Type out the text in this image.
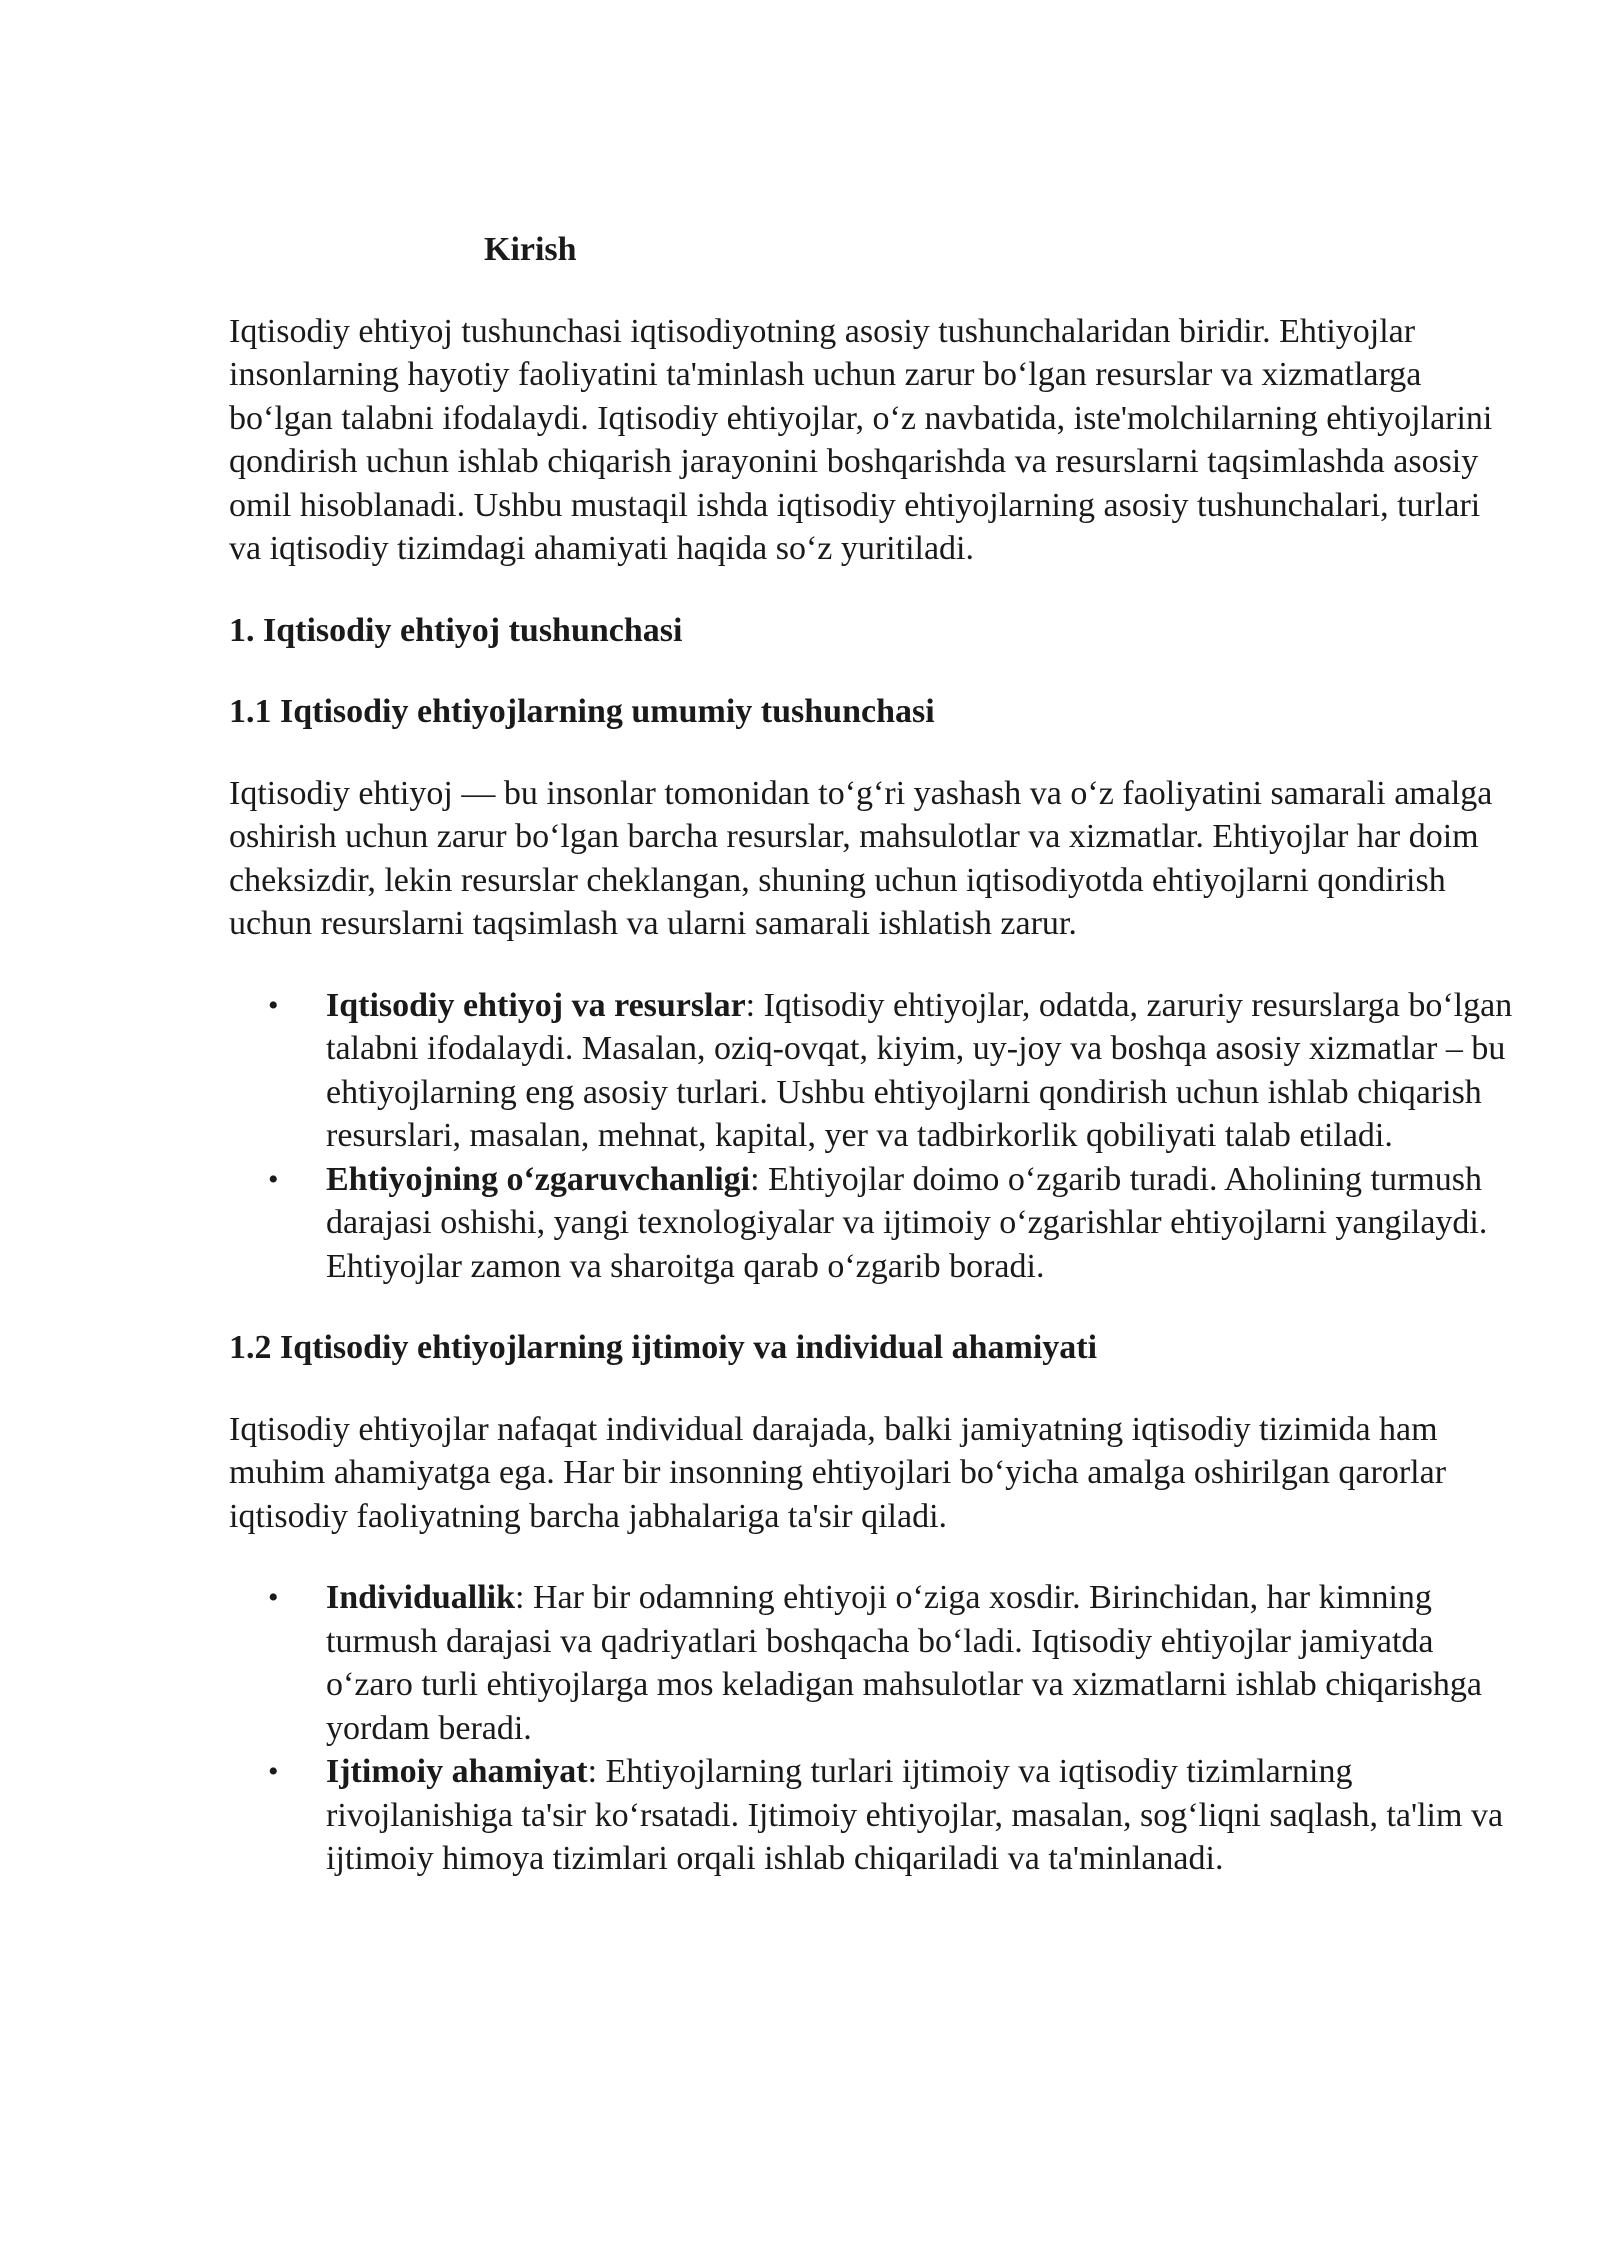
Kirish

Iqtisodiy ehtiyoj tushunchasi iqtisodiyotning asosiy tushunchalaridan biridir. Ehtiyojlar insonlarning hayotiy faoliyatini ta'minlash uchun zarur bo‘lgan resurslar va xizmatlarga bo‘lgan talabni ifodalaydi. Iqtisodiy ehtiyojlar, o‘z navbatida, iste'molchilarning ehtiyojlarini qondirish uchun ishlab chiqarish jarayonini boshqarishda va resurslarni taqsimlashda asosiy omil hisoblanadi. Ushbu mustaqil ishda iqtisodiy ehtiyojlarning asosiy tushunchalari, turlari va iqtisodiy tizimdagi ahamiyati haqida so‘z yuritiladi.

1. Iqtisodiy ehtiyoj tushunchasi
1.1 Iqtisodiy ehtiyojlarning umumiy tushunchasi

Iqtisodiy ehtiyoj — bu insonlar tomonidan to‘g‘ri yashash va o‘z faoliyatini samarali amalga oshirish uchun zarur bo‘lgan barcha resurslar, mahsulotlar va xizmatlar. Ehtiyojlar har doim cheksizdir, lekin resurslar cheklangan, shuning uchun iqtisodiyotda ehtiyojlarni qondirish uchun resurslarni taqsimlash va ularni samarali ishlatish zarur.

• Iqtisodiy ehtiyoj va resurslar: Iqtisodiy ehtiyojlar, odatda, zaruriy resurslarga bo‘lgan talabni ifodalaydi. Masalan, oziq-ovqat, kiyim, uy-joy va boshqa asosiy xizmatlar – bu ehtiyojlarning eng asosiy turlari. Ushbu ehtiyojlarni qondirish uchun ishlab chiqarish resurslari, masalan, mehnat, kapital, yer va tadbirkorlik qobiliyati talab etiladi.
• Ehtiyojning o‘zgaruvchanligi: Ehtiyojlar doimo o‘zgarib turadi. Aholining turmush darajasi oshishi, yangi texnologiyalar va ijtimoiy o‘zgarishlar ehtiyojlarni yangilaydi. Ehtiyojlar zamon va sharoitga qarab o‘zgarib boradi.
1.2 Iqtisodiy ehtiyojlarning ijtimoiy va individual ahamiyati

Iqtisodiy ehtiyojlar nafaqat individual darajada, balki jamiyatning iqtisodiy tizimida ham muhim ahamiyatga ega. Har bir insonning ehtiyojlari bo‘yicha amalga oshirilgan qarorlar iqtisodiy faoliyatning barcha jabhalariga ta'sir qiladi.

• Individuallik: Har bir odamning ehtiyoji o‘ziga xosdir. Birinchidan, har kimning turmush darajasi va qadriyatlari boshqacha bo‘ladi. Iqtisodiy ehtiyojlar jamiyatda o‘zaro turli ehtiyojlarga mos keladigan mahsulotlar va xizmatlarni ishlab chiqarishga yordam beradi.
• Ijtimoiy ahamiyat: Ehtiyojlarning turlari ijtimoiy va iqtisodiy tizimlarning rivojlanishiga ta'sir ko‘rsatadi. Ijtimoiy ehtiyojlar, masalan, sog‘liqni saqlash, ta'lim va ijtimoiy himoya tizimlari orqali ishlab chiqariladi va ta'minlanadi.
